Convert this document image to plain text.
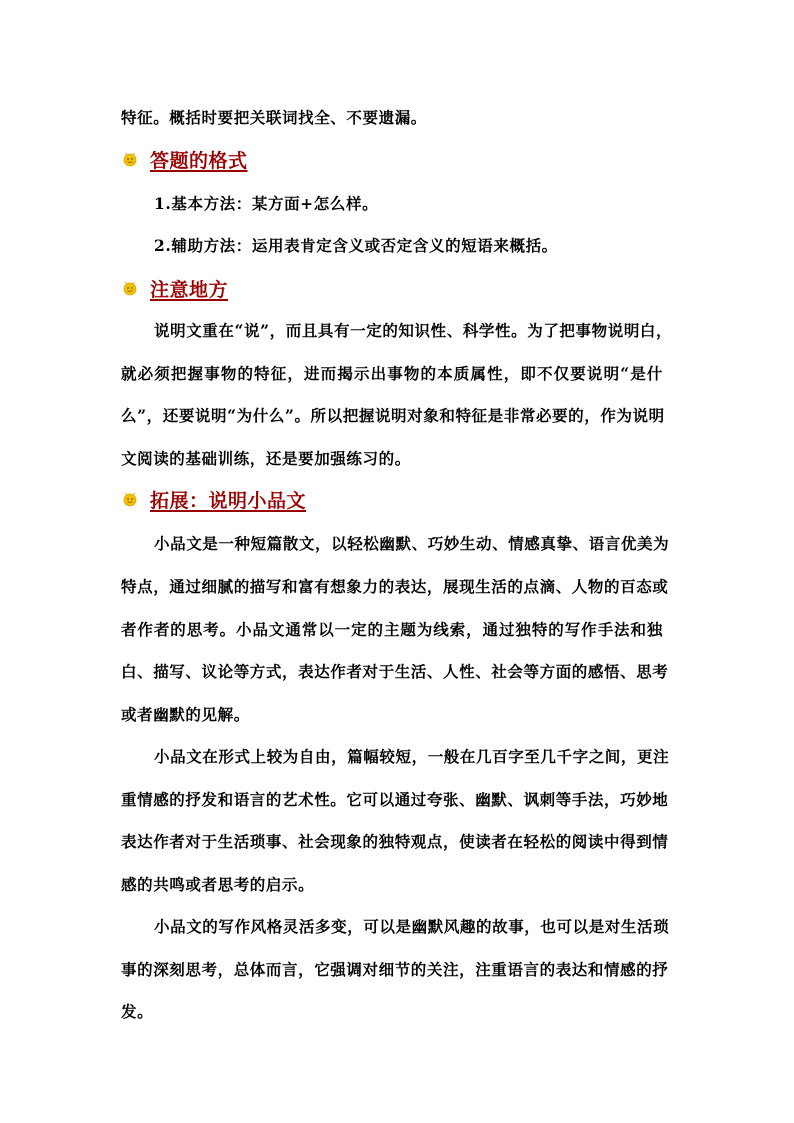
特征。概括时要把关联词找全、不要遗漏。
答题的格式
1.基本方法：某方面+怎么样。
2.辅助方法：运用表肯定含义或否定含义的短语来概括。
注意地方
说明文重在“说”，而且具有一定的知识性、科学性。为了把事物说明白，
就必须把握事物的特征，进而揭示出事物的本质属性，即不仅要说明“是什
么”，还要说明“为什么”。所以把握说明对象和特征是非常必要的，作为说明
文阅读的基础训练，还是要加强练习的。
拓展：说明小品文
小品文是一种短篇散文，以轻松幽默、巧妙生动、情感真挚、语言优美为
特点，通过细腻的描写和富有想象力的表达，展现生活的点滴、人物的百态或
者作者的思考。小品文通常以一定的主题为线索，通过独特的写作手法和独
白、描写、议论等方式，表达作者对于生活、人性、社会等方面的感悟、思考
或者幽默的见解。
小品文在形式上较为自由，篇幅较短，一般在几百字至几千字之间，更注
重情感的抒发和语言的艺术性。它可以通过夸张、幽默、讽刺等手法，巧妙地
表达作者对于生活琐事、社会现象的独特观点，使读者在轻松的阅读中得到情
感的共鸣或者思考的启示。
小品文的写作风格灵活多变，可以是幽默风趣的故事，也可以是对生活琐
事的深刻思考，总体而言，它强调对细节的关注，注重语言的表达和情感的抒
发。
